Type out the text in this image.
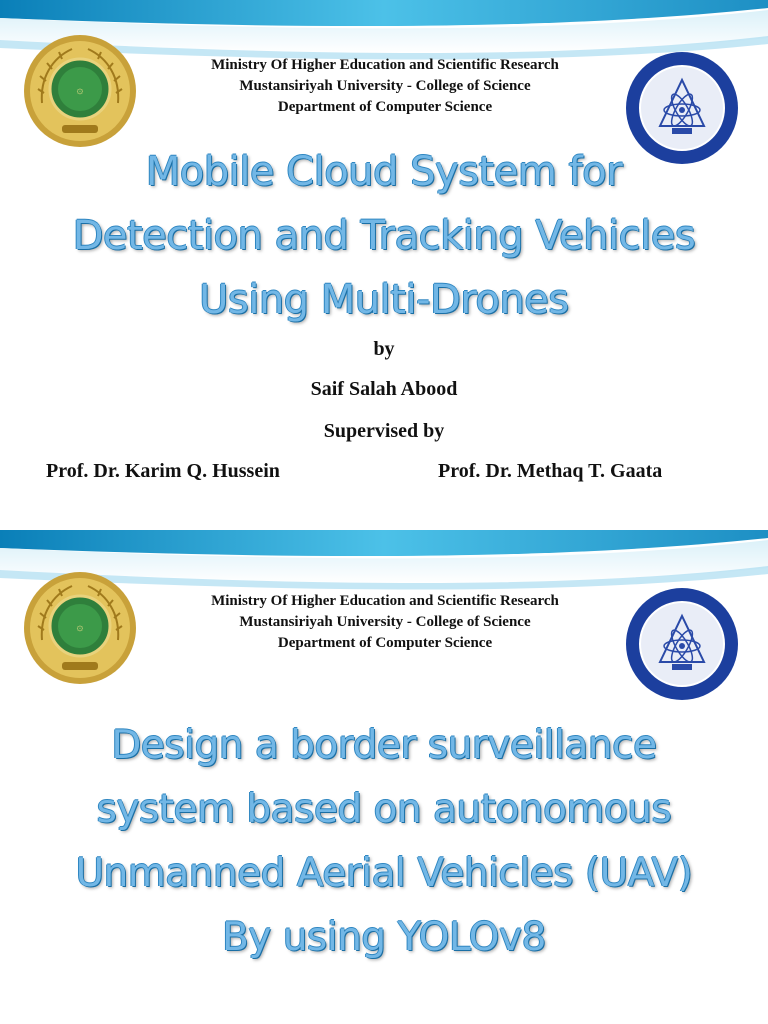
۞
Ministry Of Higher Education and Scientific Research
Mustansiriyah University - College of Science
Department of Computer Science
Mobile Cloud System for
Detection and Tracking Vehicles
Using Multi-Drones
by
Saif Salah Abood
Supervised by
Prof. Dr. Karim Q. Hussein	Prof. Dr. Methaq T. Gaata
۞
Ministry Of Higher Education and Scientific Research
Mustansiriyah University - College of Science
Department of Computer Science
Design a border surveillance
system based on autonomous
Unmanned Aerial Vehicles (UAV)
By using YOLOv8
